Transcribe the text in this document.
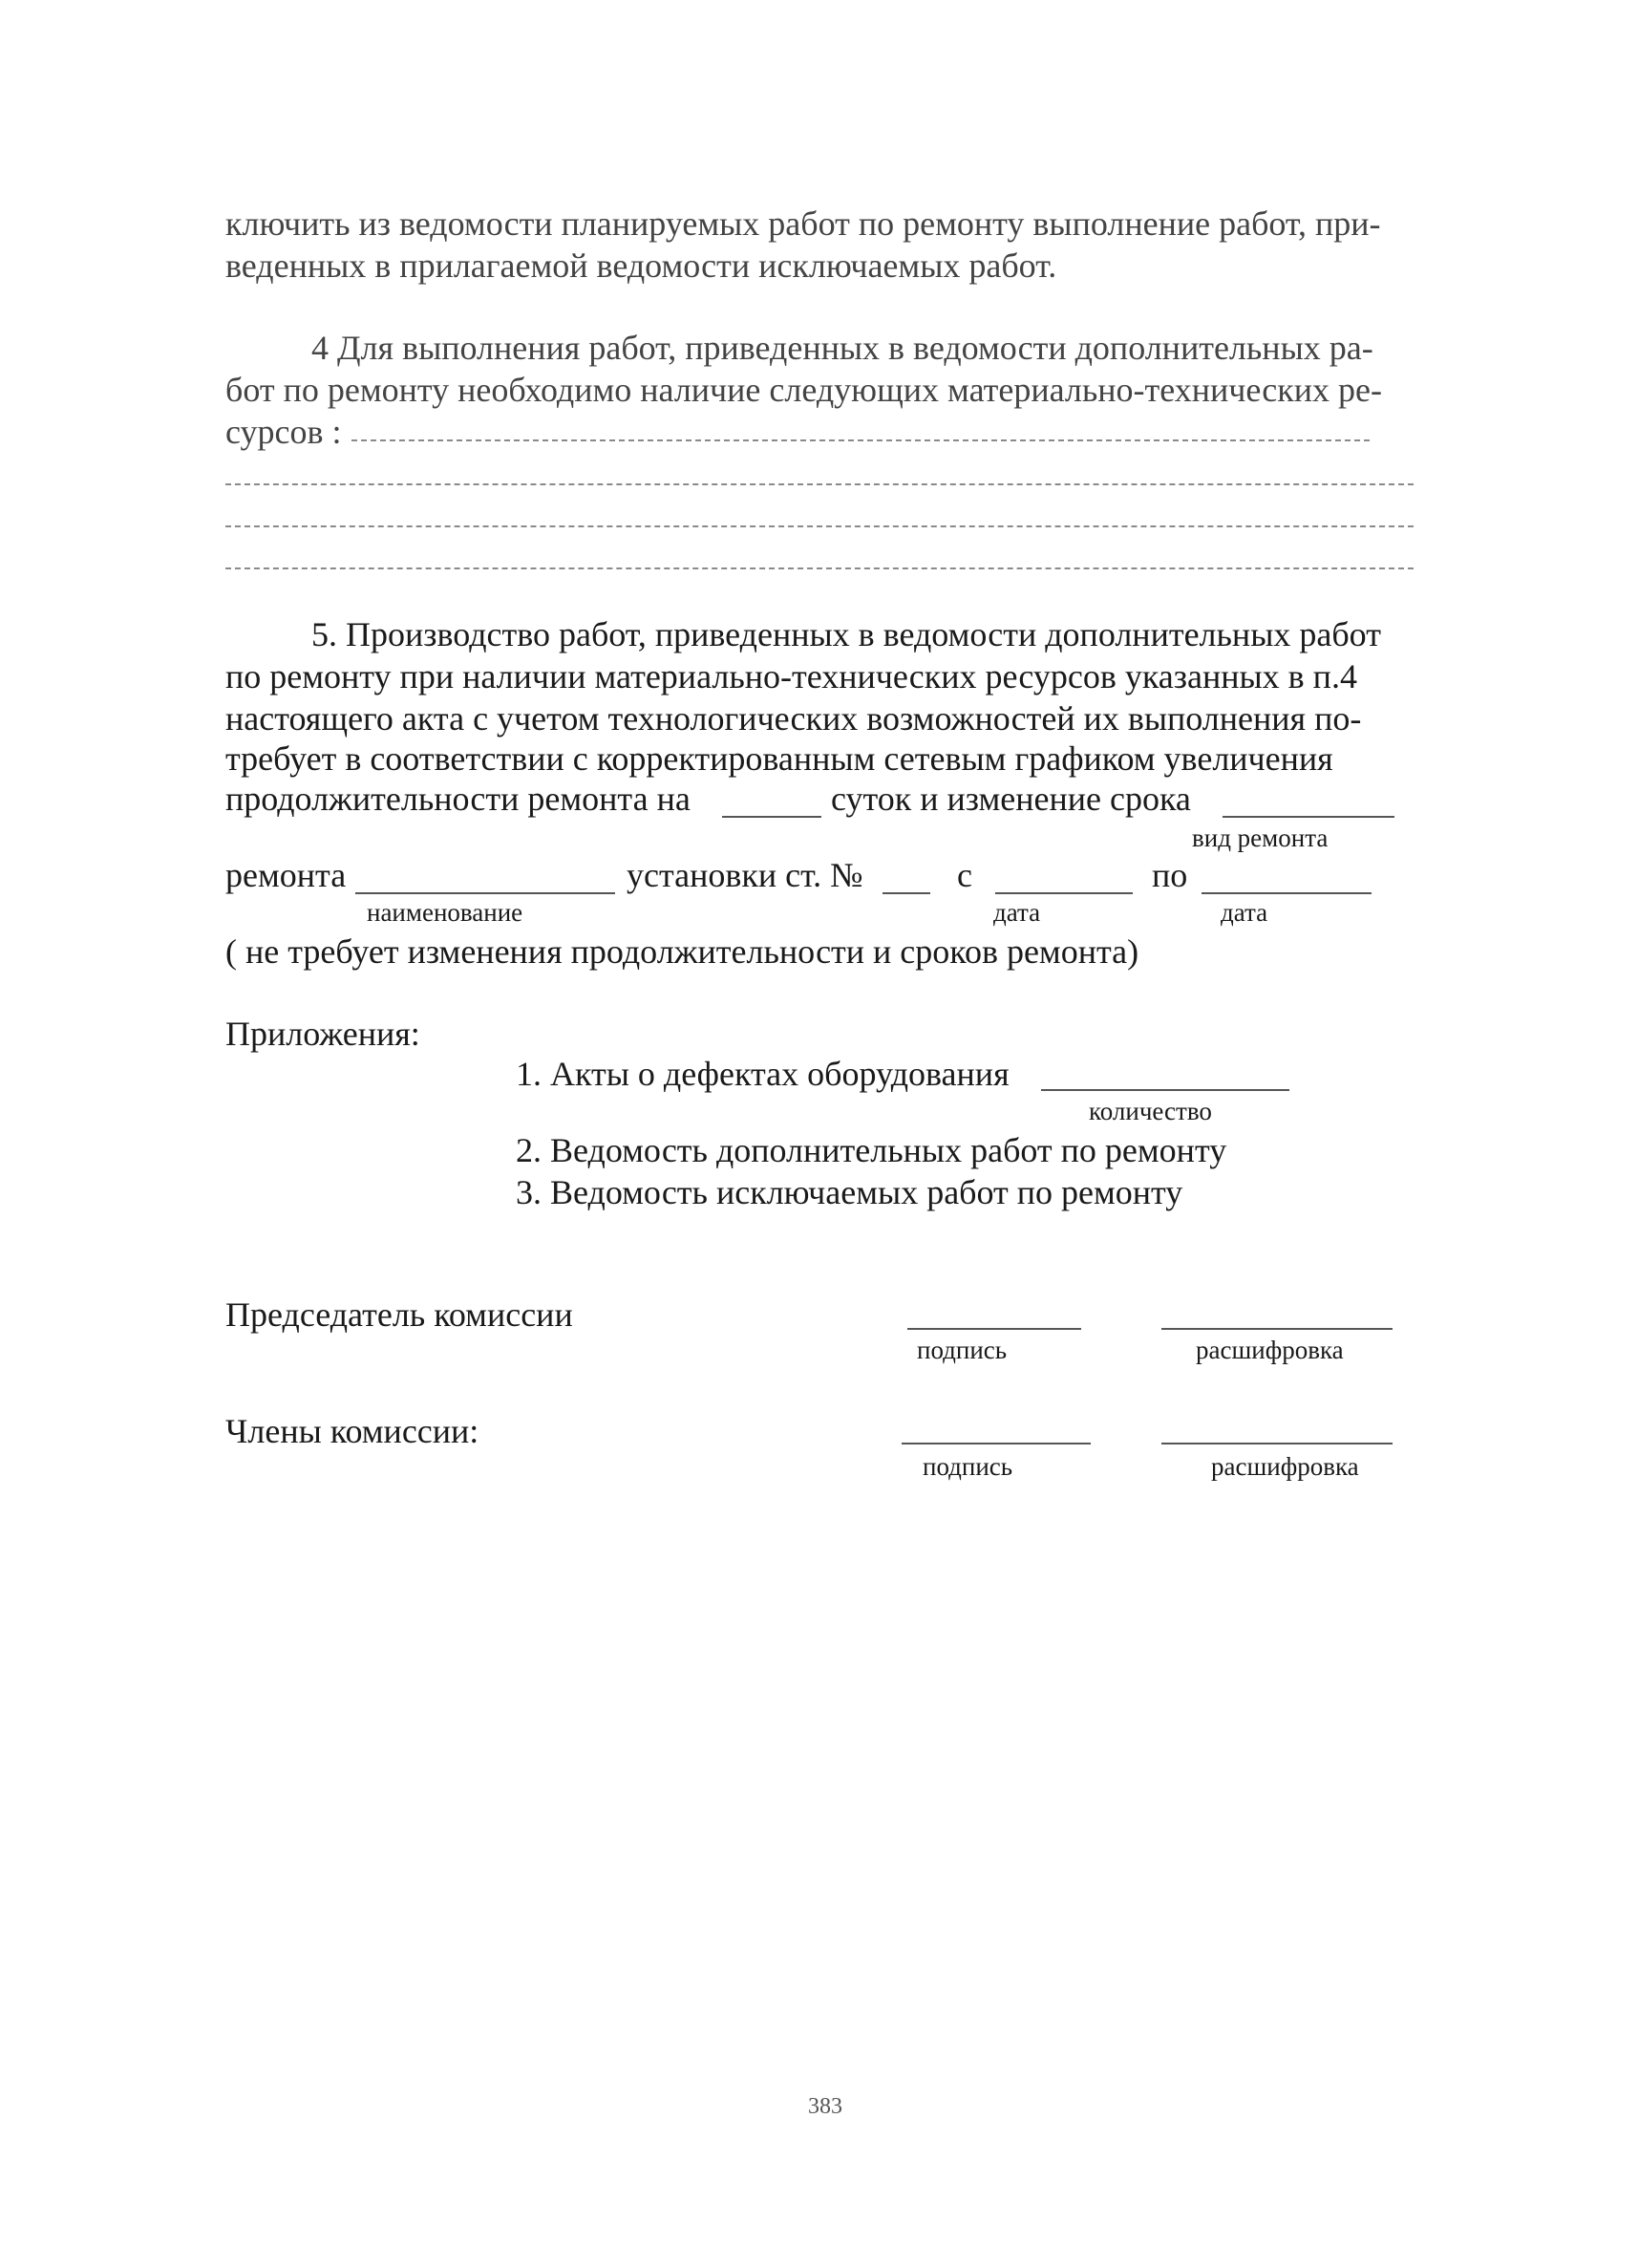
ключить из ведомости планируемых работ по ремонту выполнение работ, при-
веденных в прилагаемой ведомости исключаемых работ.
4 Для выполнения работ, приведенных в ведомости дополнительных ра-
бот по ремонту необходимо наличие следующих материально-технических ре-
сурсов :
5. Производство работ, приведенных в ведомости дополнительных работ
по ремонту при наличии материально-технических ресурсов указанных в п.4
настоящего акта с учетом технологических возможностей их выполнения по-
требует в соответствии с корректированным сетевым графиком увеличения
продолжительности ремонта на	суток и изменение срока
вид ремонта
ремонта	установки ст. №	с	по
наименование	дата	дата
( не требует изменения продолжительности и сроков ремонта)
Приложения:
1. Акты о дефектах оборудования
количество
2. Ведомость дополнительных работ по ремонту
3. Ведомость исключаемых работ по ремонту
Председатель комиссии
подпись	расшифровка
Члены комиссии:
подпись	расшифровка
383
